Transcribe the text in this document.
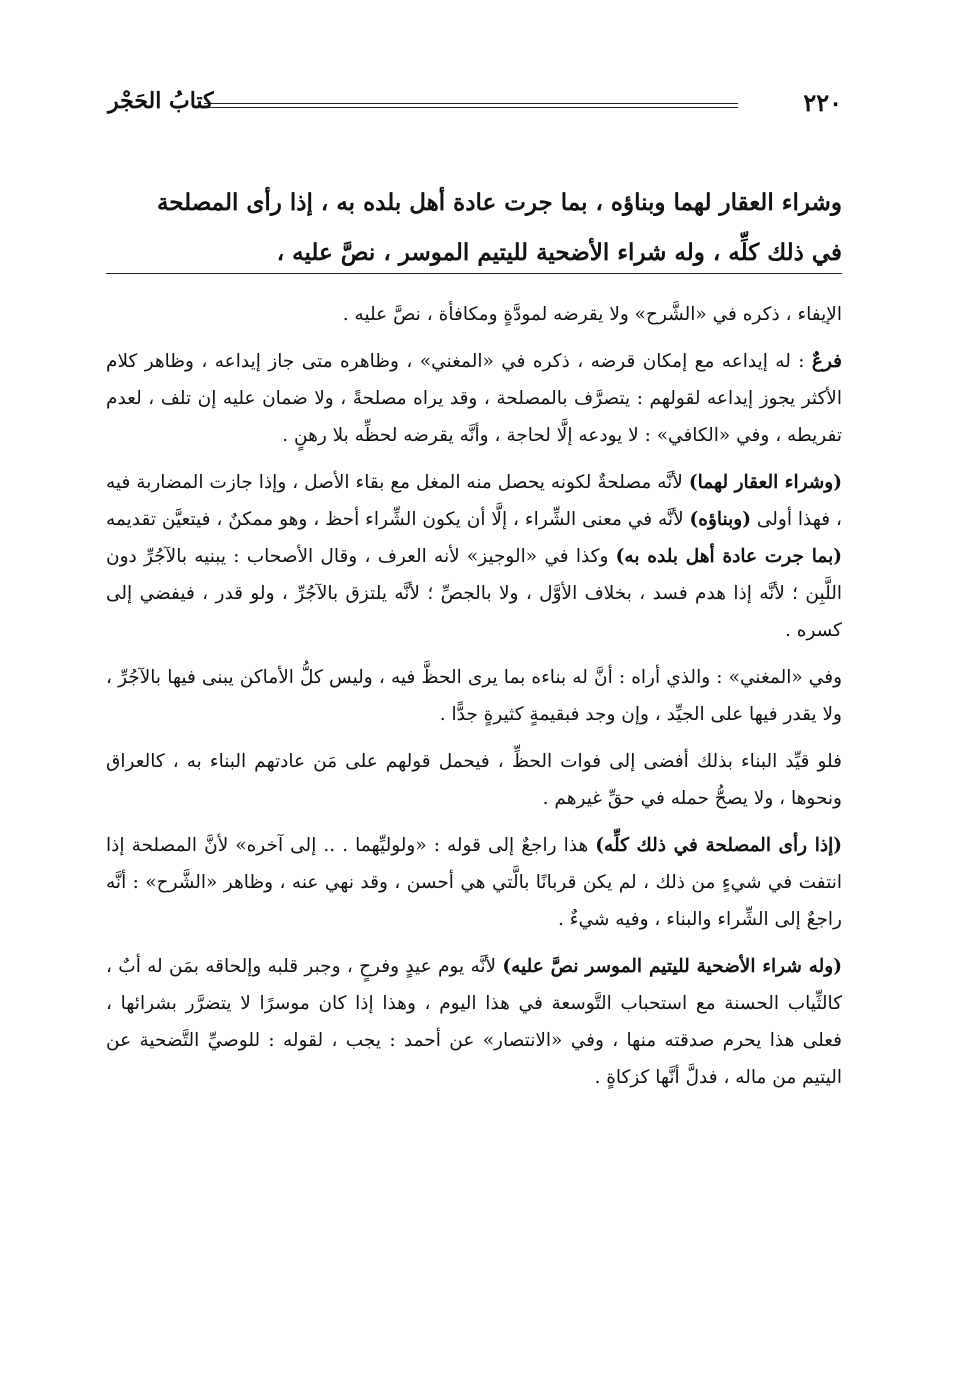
٢٢٠
كتابُ الحَجْر

وشراء العقار لهما وبناؤه ، بما جرت عادة أهل بلده به ، إذا رأى المصلحة

في ذلك كلِّه ، وله شراء الأضحية لليتيم الموسر ، نصَّ عليه ،

الإيفاء ، ذكره في «الشَّرح» ولا يقرضه لمودَّةٍ ومكافأة ، نصَّ عليه .

فرعٌ : له إيداعه مع إمكان قرضه ، ذكره في «المغني» ، وظاهره متى جاز إيداعه ، وظاهر كلام الأكثر يجوز إيداعه لقولهم : يتصرَّف بالمصلحة ، وقد يراه مصلحةً ، ولا ضمان عليه إن تلف ، لعدم تفريطه ، وفي «الكافي» : لا يودعه إلَّا لحاجة ، وأنَّه يقرضه لحظِّه بلا رهنٍ .

(وشراء العقار لهما) لأنَّه مصلحةٌ لكونه يحصل منه المغل مع بقاء الأصل ، وإذا جازت المضاربة فيه ، فهذا أولى (وبناؤه) لأنَّه في معنى الشِّراء ، إلَّا أن يكون الشِّراء أحظ ، وهو ممكنٌ ، فيتعيَّن تقديمه (بما جرت عادة أهل بلده به) وكذا في «الوجيز» لأنه العرف ، وقال الأصحاب : يبنيه بالآجُرِّ دون اللَّبِن ؛ لأنَّه إذا هدم فسد ، بخلاف الأوَّل ، ولا بالجصِّ ؛ لأنَّه يلتزق بالآجُرِّ ، ولو قدر ، فيفضي إلى كسره .

وفي «المغني» : والذي أراه : أنَّ له بناءه بما يرى الحظَّ فيه ، وليس كلُّ الأماكن يبنى فيها بالآجُرِّ ، ولا يقدر فيها على الجيِّد ، وإن وجد فبقيمةٍ كثيرةٍ جدًّا .

فلو قيِّد البناء بذلك أفضى إلى فوات الحظِّ ، فيحمل قولهم على مَن عادتهم البناء به ، كالعراق ونحوها ، ولا يصحُّ حمله في حقِّ غيرهم .

(إذا رأى المصلحة في ذلك كلِّه) هذا راجعٌ إلى قوله : «ولوليِّهما . .. إلى آخره» لأنَّ المصلحة إذا انتفت في شيءٍ من ذلك ، لم يكن قربانًا بالَّتي هي أحسن ، وقد نهي عنه ، وظاهر «الشَّرح» : أنَّه راجعٌ إلى الشِّراء والبناء ، وفيه شيءٌ .

(وله شراء الأضحية لليتيم الموسر نصَّ عليه) لأنَّه يوم عيدٍ وفرحٍ ، وجبر قلبه وإلحاقه بمَن له أبٌ ، كالثِّياب الحسنة مع استحباب التَّوسعة في هذا اليوم ، وهذا إذا كان موسرًا لا يتضرَّر بشرائها ، فعلى هذا يحرم صدقته منها ، وفي «الانتصار» عن أحمد : يجب ، لقوله : للوصيِّ التَّضحية عن اليتيم من ماله ، فدلَّ أنَّها كزكاةٍ .
